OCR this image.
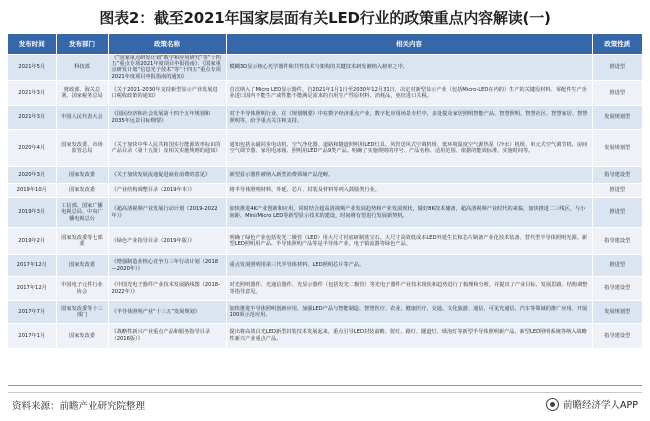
图表2：截至2021年国家层面有关LED行业的政策重点内容解读(一)
发布时间	发布部门	政策名称	相关内容	政策性质
2021年5月	科技部	《“国家重点研发计划“数学和应用研究”等“十四五”重点专项2021年度项目申报指南》、《国家重点研发计划“信息光子技术”等“十四五”重点专项2021年度项目申报指南的通知》	模糊3D显示核心光学器件和共性技术与架构的关键技术研发被纳入榜单之中。	推进型
2021年3月	财政部、海关总署、国家税务总局	《关于2021-2030年支持新型显示产业发展进口税收政策的通知》	首次纳入了Micro LED显示器件。自2021年1月1日至2030年12月31日，决定对新型显示产业（包括Micro-LED在内的）生产的关键原材料、零配件生产企业进口国内不能生产或性能不能满足需求的自用生产性原材料、消耗品，免征进口关税。	推进型
2021年3月	中国人民代表大会	《国民经济和社会发展第十四个五年规划和2035年远景目标纲要》	对于半导体照明行业，在《规划纲要》中在数字经济重点产业、数字化应用场景专栏中，多处提及家居照明智能产品、智慧照明、智慧社区、智慧家居、智慧照明等，给予重点关注和支持。	发展规划型
2020年4月	国家发改委、市场监管总局	《关于加快中华人民共和国实行能源效率标识的产品目录（第十五批）及相关实施规则的通知》	通知包括永磁同步电动机、空气净化器、道路和隧道照明用LED灯具、风管送风式空调机组、低环境温度空气源热泵（冷水）机组、单元式空气调节机、房间空气调节器、家用电冰箱、照明用LED产品9类产品。明确了实施规则的序号、产品名称、适用范围、依据的能效标准、实施时间等。	发展规划型
2020年3月	国家发改委	《关于加快发展流通促进商业消费的意见》	新型显示器件被纳入新型消费领域产品范畴。	指导建设型
2019年10月	国家发改委	《产业结构调整目录（2019年本）》	将半导体照明材料、外延、芯片、封装及材料等列入鼓励类行业。	推进型
2019年3月	工信部、国家广播电视总局、中央广播电视总台	《超高清视频产业发展行动计划（2019-2022年）》	加快推进4K产业创新和应用，同时结合超高清视频产业发展趋势和产业发展现状，做好8K技术储备，超高清视频产业时代的来临，加快推进二三线区，与小间距、Mini/Micro LED等新型显示技术的建设，时间将有望进行发展新契机。	推进型
2019年2月	国家发改委等七部委	《绿色产业指导目录（2019年版）》	明确了绿色产业包括发光二极管（LED）用大尺寸衬底研制蓝宝石、大尺寸高效低成本LED外延生长和芯片制备产业化技术装备、替代型半导体照明光源、新型LED照明用产品、半导体照明产品等是半导体产业、电子镇流器等绿色产品。	指导建设型
2017年12月	国家发改委	《增强制造业核心竞争力三年行动计划（2018—2020年）》	重点发展照明用第三代半导体材料，LED照明芯片等产品。	推进型
2017年12月	中国电子元件行业协会	《中国光电子器件产业技术发展路线图（2018-2022年）》	对光照明器件、光通信器件、光显示器件（包括发光二极管）等光电子器件产业技术现状和趋势进行了梳理和分析，并提出了产业目标、发展思路、结构调整等指导意见。	指导建设型
2017年7月	国家发改委等十三部门	《半导体照明产业“十三五”发展规划》	加快推进半导体照明创新应用，加强LED产品与智能制造、智慧医疗、农业、健康医疗、交通、文化旅游、通信、可见光通信、汽车等领域的推广应用，开展100项示范应用。	发展规划型
2017年1月	国家发改委	《战略性新兴产业重点产品和服务指导目录（2016版）》	提出将高效白光LED新型封装技术发展起来，重点引导LED封装前瞻、射灯、路灯、隧道灯、球泡灯等新型半导体照明新产品，新型LED照明系统等纳入战略性新兴产业重点产品。	指导建设型
资料来源：前瞻产业研究院整理	前瞻经济学人APP
